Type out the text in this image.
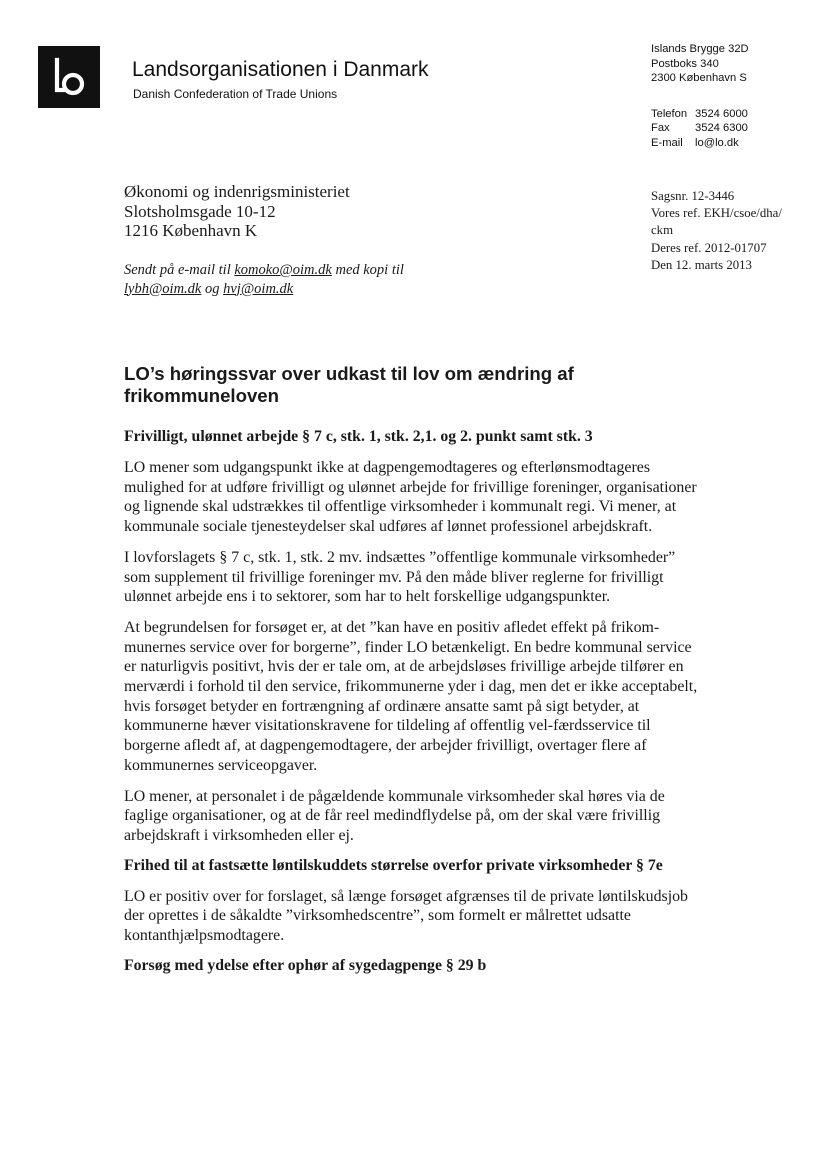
Landsorganisationen i Danmark
Danish Confederation of Trade Unions
Islands Brygge 32D
Postboks 340
2300 København S
Telefon 3524 6000
Fax 3524 6300
E-mail lo@lo.dk
Økonomi og indenrigsministeriet
Slotsholmsgade 10-12
1216 København K
Sendt på e-mail til komoko@oim.dk med kopi til
lybh@oim.dk og hvj@oim.dk
Sagsnr. 12-3446
Vores ref. EKH/csoe/dha/
ckm
Deres ref. 2012-01707
Den 12. marts 2013
LO’s høringssvar over udkast til lov om ændring af frikommuneloven
Frivilligt, ulønnet arbejde § 7 c, stk. 1, stk. 2,1. og 2. punkt samt stk. 3

LO mener som udgangspunkt ikke at dagpengemodtageres og efterlønsmodtageres mulighed for at udføre frivilligt og ulønnet arbejde for frivillige foreninger, organisationer og lignende skal udstrækkes til offentlige virksomheder i kommunalt regi. Vi mener, at kommunale sociale tjenesteydelser skal udføres af lønnet professionel arbejdskraft.

I lovforslagets § 7 c, stk. 1, stk. 2 mv. indsættes ”offentlige kommunale virksomheder” som supplement til frivillige foreninger mv. På den måde bliver reglerne for frivilligt ulønnet arbejde ens i to sektorer, som har to helt forskellige udgangspunkter.

At begrundelsen for forsøget er, at det ”kan have en positiv afledet effekt på frikom-munernes service over for borgerne”, finder LO betænkeligt. En bedre kommunal service er naturligvis positivt, hvis der er tale om, at de arbejdsløses frivillige arbejde tilfører en merværdi i forhold til den service, frikommunerne yder i dag, men det er ikke acceptabelt, hvis forsøget betyder en fortrængning af ordinære ansatte samt på sigt betyder, at kommunerne hæver visitationskravene for tildeling af offentlig vel-færdsservice til borgerne afledt af, at dagpengemodtagere, der arbejder frivilligt, overtager flere af kommunernes serviceopgaver.

LO mener, at personalet i de pågældende kommunale virksomheder skal høres via de faglige organisationer, og at de får reel medindflydelse på, om der skal være frivillig arbejdskraft i virksomheden eller ej.

Frihed til at fastsætte løntilskuddets størrelse overfor private virksomheder § 7e

LO er positiv over for forslaget, så længe forsøget afgrænses til de private løntilskudsjob der oprettes i de såkaldte ”virksomhedscentre”, som formelt er målrettet udsatte kontanthjælpsmodtagere.

Forsøg med ydelse efter ophør af sygedagpenge § 29 b
